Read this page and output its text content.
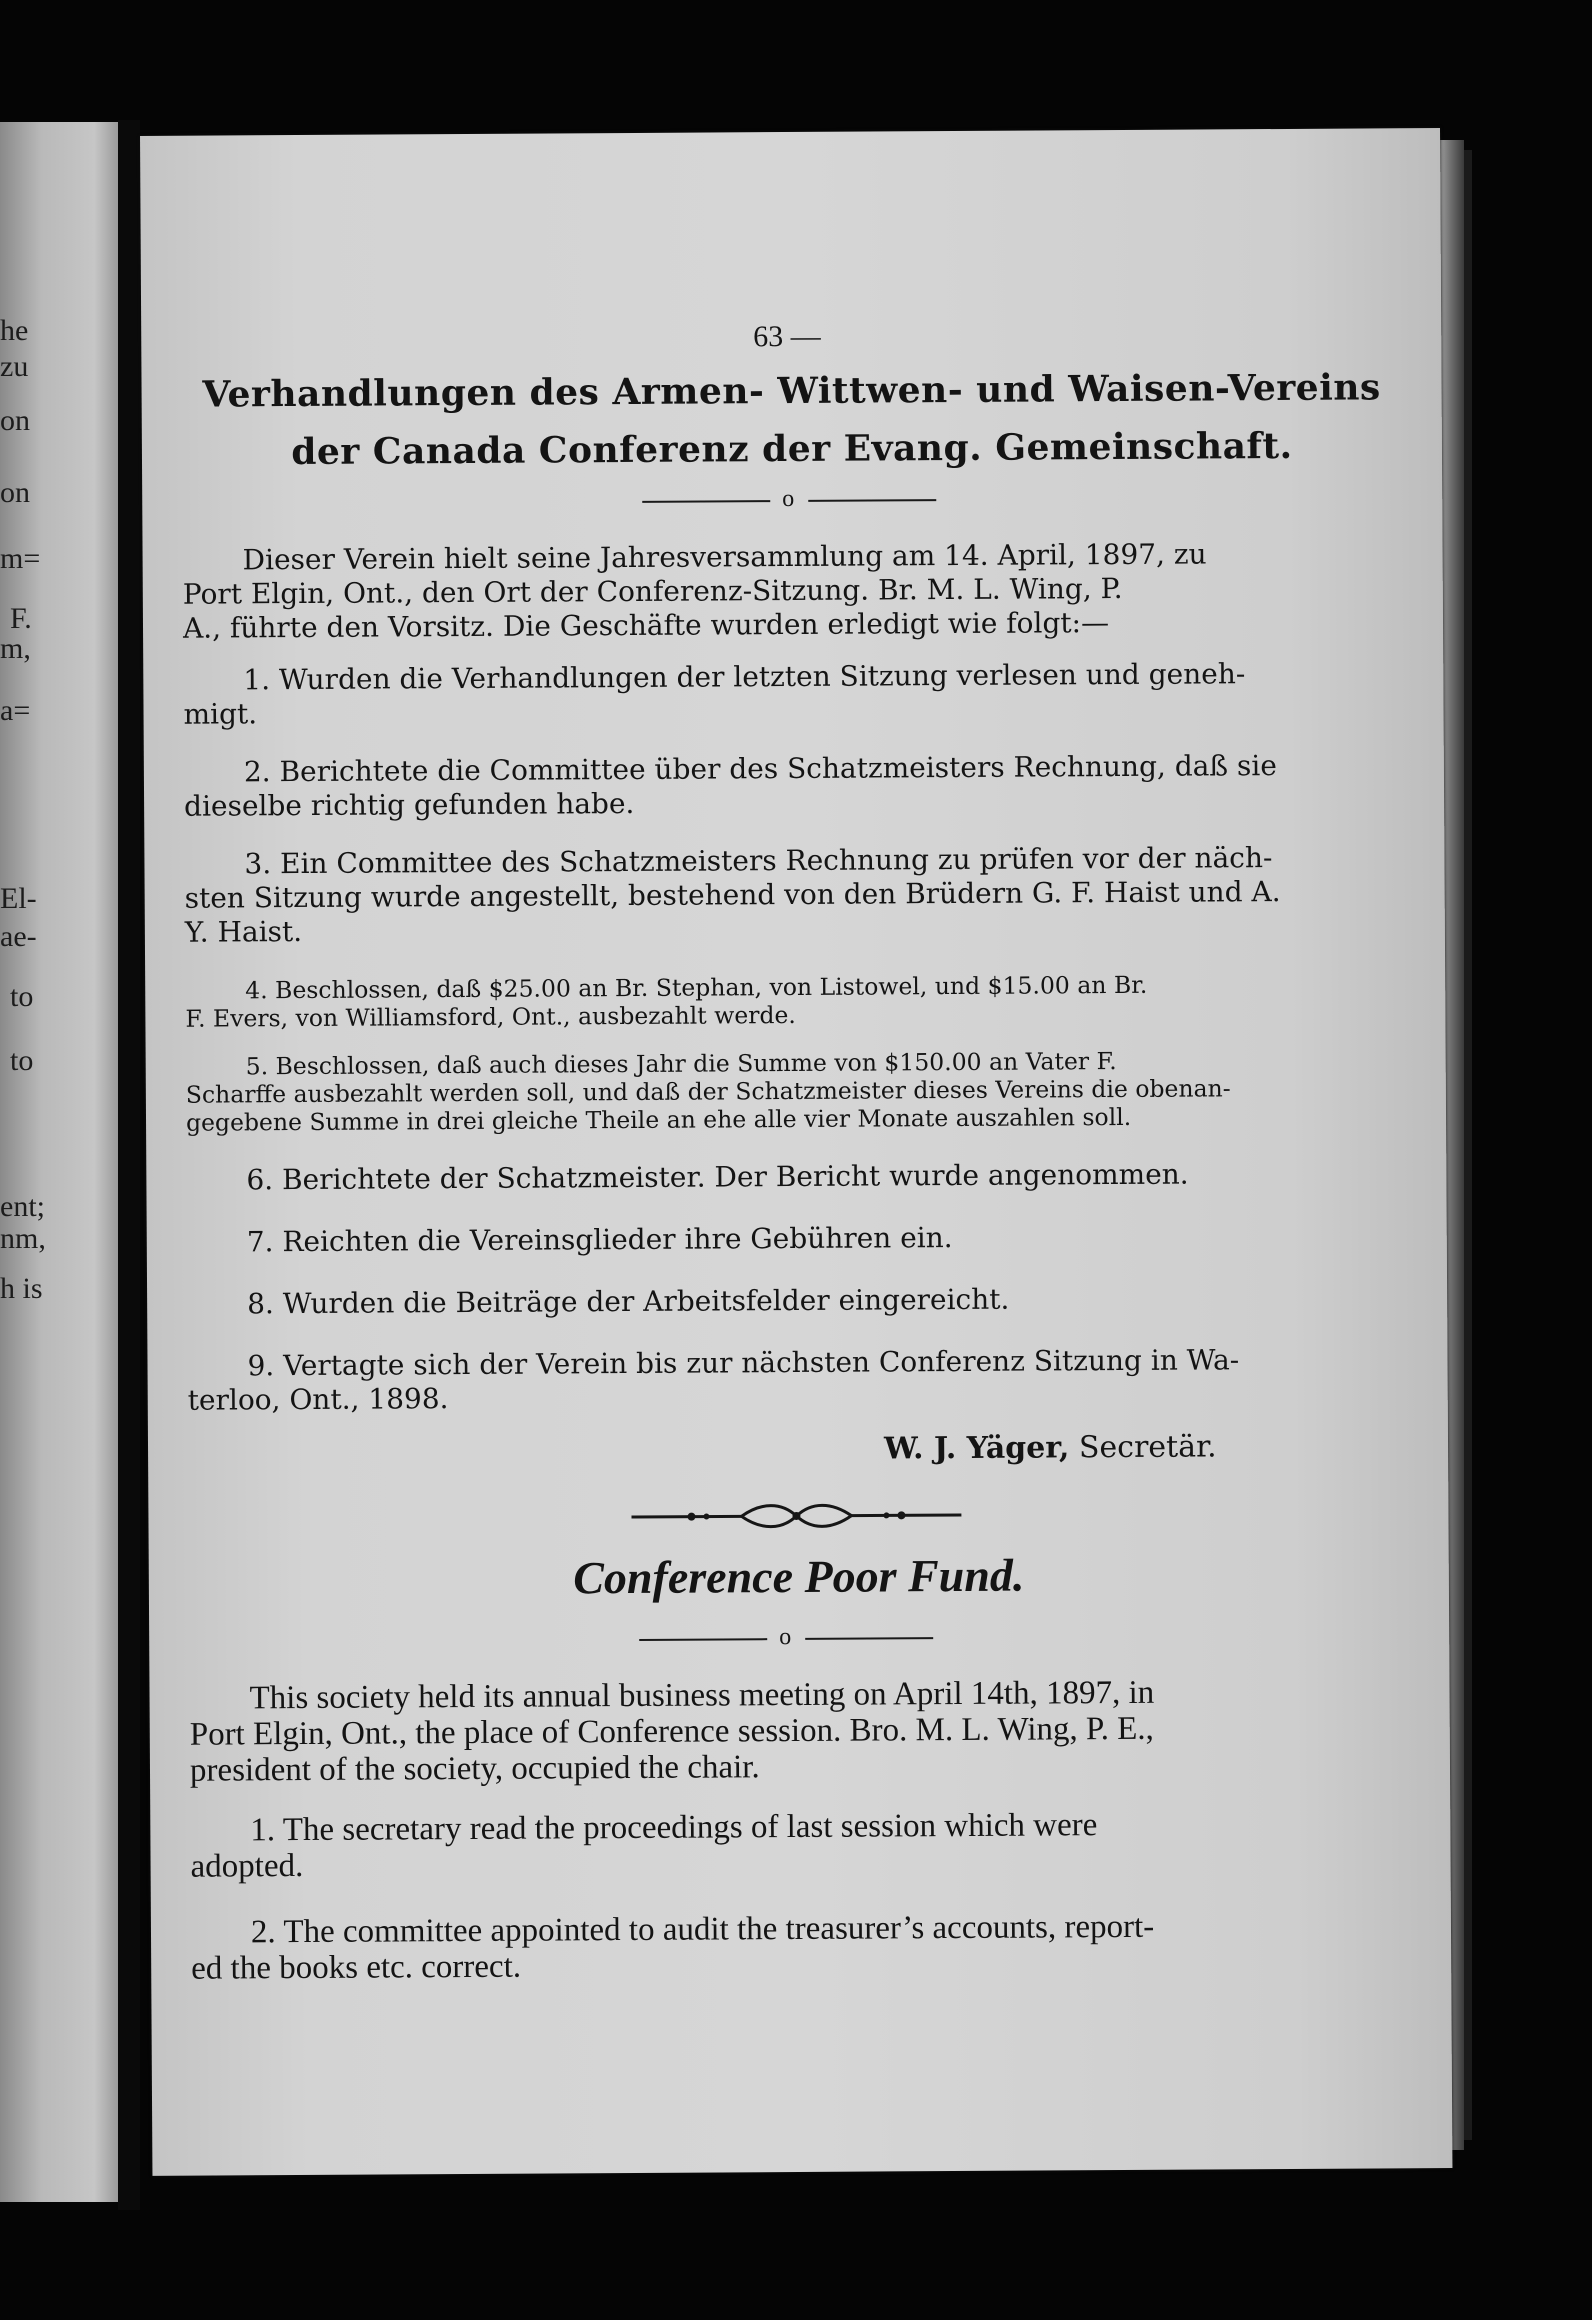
he
zu
on
on
m=
F.
m,
a=
El-
ae-
to
to
ent;
nm,
h is
63 —
Verhandlungen des Armen- Wittwen- und Waisen-Vereins
der Canada Conferenz der Evang. Gemeinschaft.
o
Dieser Verein hielt seine Jahresversammlung am 14. April, 1897, zu
Port Elgin, Ont., den Ort der Conferenz-Sitzung. Br. M. L. Wing, P.
A., führte den Vorsitz. Die Geschäfte wurden erledigt wie folgt:—
1. Wurden die Verhandlungen der letzten Sitzung verlesen und geneh-
migt.
2. Berichtete die Committee über des Schatzmeisters Rechnung, daß sie
dieselbe richtig gefunden habe.
3. Ein Committee des Schatzmeisters Rechnung zu prüfen vor der näch-
sten Sitzung wurde angestellt, bestehend von den Brüdern G. F. Haist und A.
Y. Haist.
4. Beschlossen, daß $25.00 an Br. Stephan, von Listowel, und $15.00 an Br.
F. Evers, von Williamsford, Ont., ausbezahlt werde.
5. Beschlossen, daß auch dieses Jahr die Summe von $150.00 an Vater F.
Scharffe ausbezahlt werden soll, und daß der Schatzmeister dieses Vereins die obenan-
gegebene Summe in drei gleiche Theile an ehe alle vier Monate auszahlen soll.
6. Berichtete der Schatzmeister. Der Bericht wurde angenommen.
7. Reichten die Vereinsglieder ihre Gebühren ein.
8. Wurden die Beiträge der Arbeitsfelder eingereicht.
9. Vertagte sich der Verein bis zur nächsten Conferenz Sitzung in Wa-
terloo, Ont., 1898.
W. J. Yäger, Secretär.
Conference Poor Fund.
o
This society held its annual business meeting on April 14th, 1897, in
Port Elgin, Ont., the place of Conference session. Bro. M. L. Wing, P. E.,
president of the society, occupied the chair.
1. The secretary read the proceedings of last session which were
adopted.
2. The committee appointed to audit the treasurer’s accounts, report-
ed the books etc. correct.
